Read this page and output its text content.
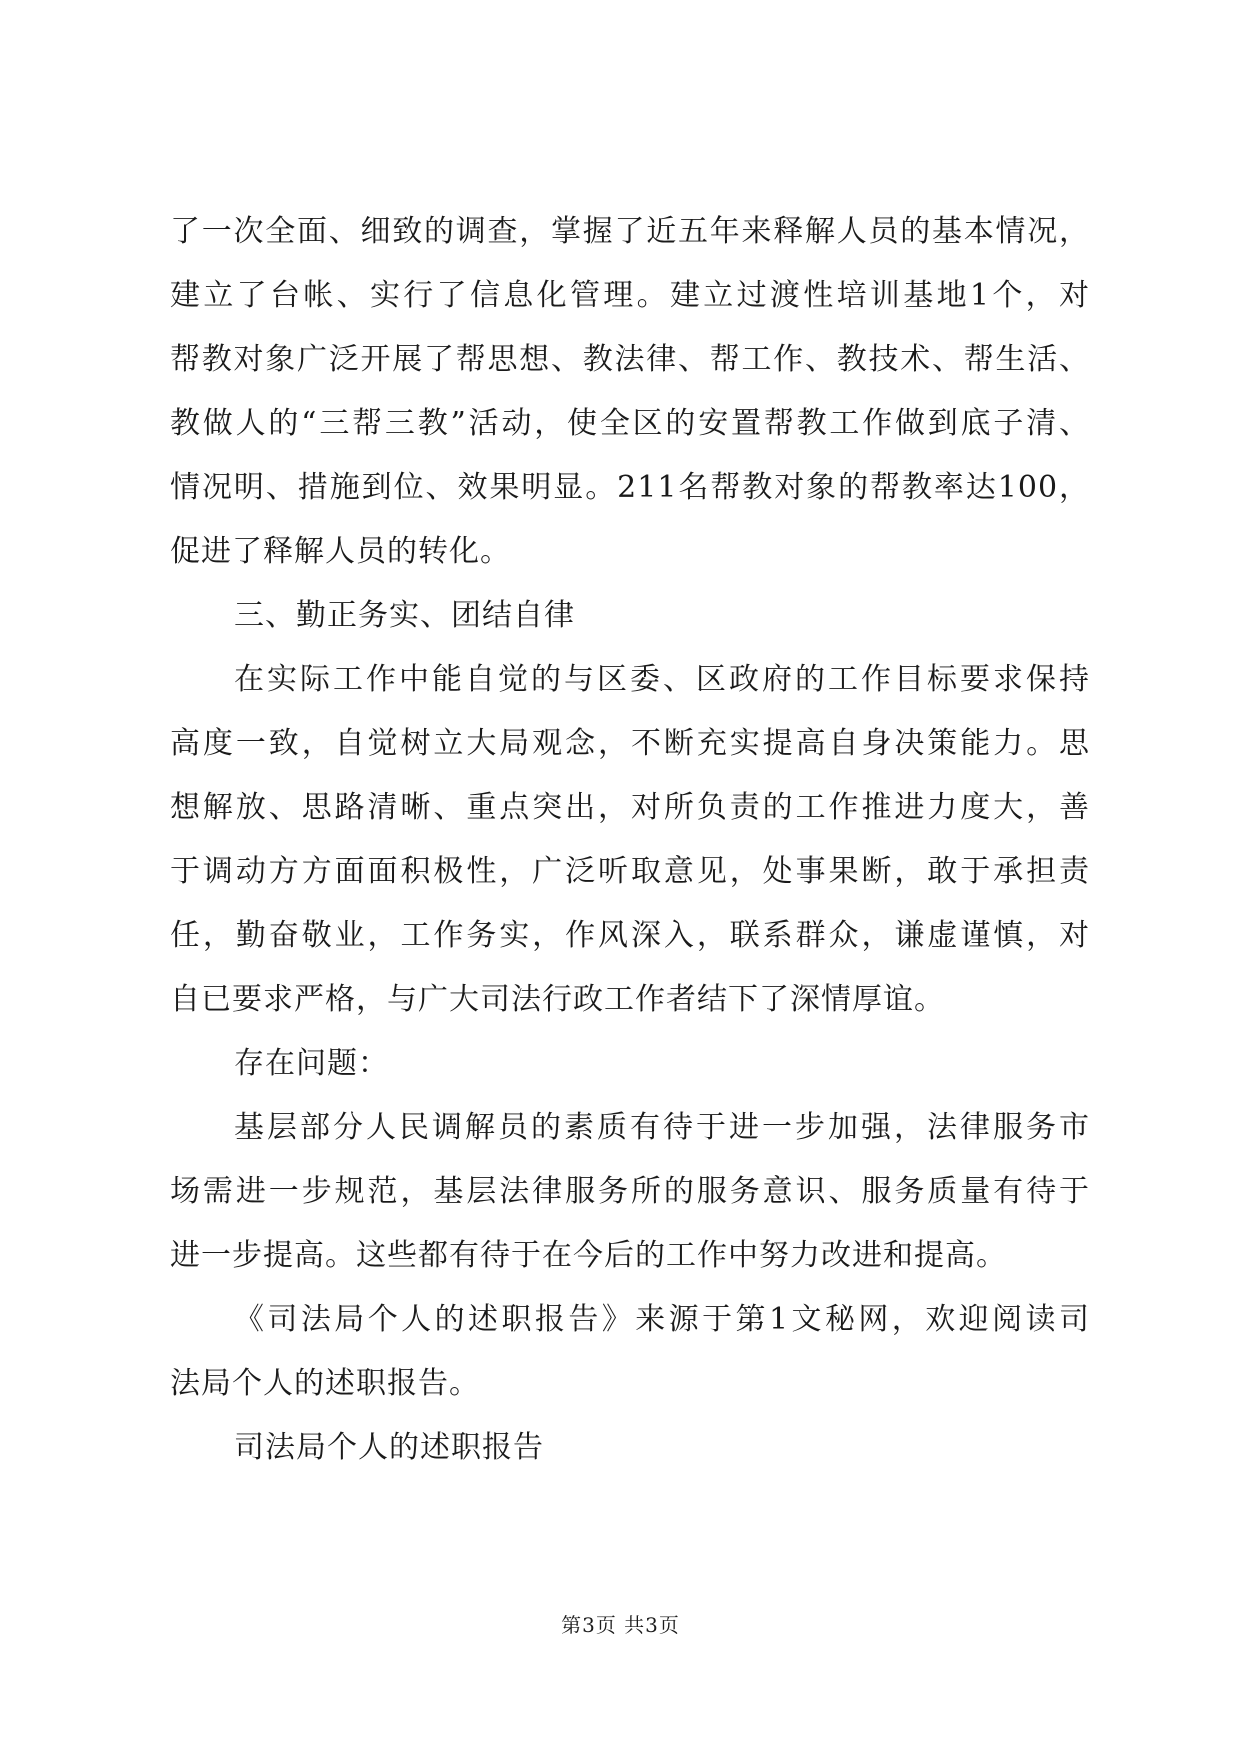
了一次全面、细致的调查，掌握了近五年来释解人员的基本情况，
建立了台帐、实行了信息化管理。建立过渡性培训基地1个，对
帮教对象广泛开展了帮思想、教法律、帮工作、教技术、帮生活、
教做人的“三帮三教”活动，使全区的安置帮教工作做到底子清、
情况明、措施到位、效果明显。211名帮教对象的帮教率达100，
促进了释解人员的转化。
三、勤正务实、团结自律
在实际工作中能自觉的与区委、区政府的工作目标要求保持
高度一致，自觉树立大局观念，不断充实提高自身决策能力。思
想解放、思路清晰、重点突出，对所负责的工作推进力度大，善
于调动方方面面积极性，广泛听取意见，处事果断，敢于承担责
任，勤奋敬业，工作务实，作风深入，联系群众，谦虚谨慎，对
自已要求严格，与广大司法行政工作者结下了深情厚谊。
存在问题：
基层部分人民调解员的素质有待于进一步加强，法律服务市
场需进一步规范，基层法律服务所的服务意识、服务质量有待于
进一步提高。这些都有待于在今后的工作中努力改进和提高。
《司法局个人的述职报告》来源于第1文秘网，欢迎阅读司
法局个人的述职报告。
司法局个人的述职报告
第3页 共3页
